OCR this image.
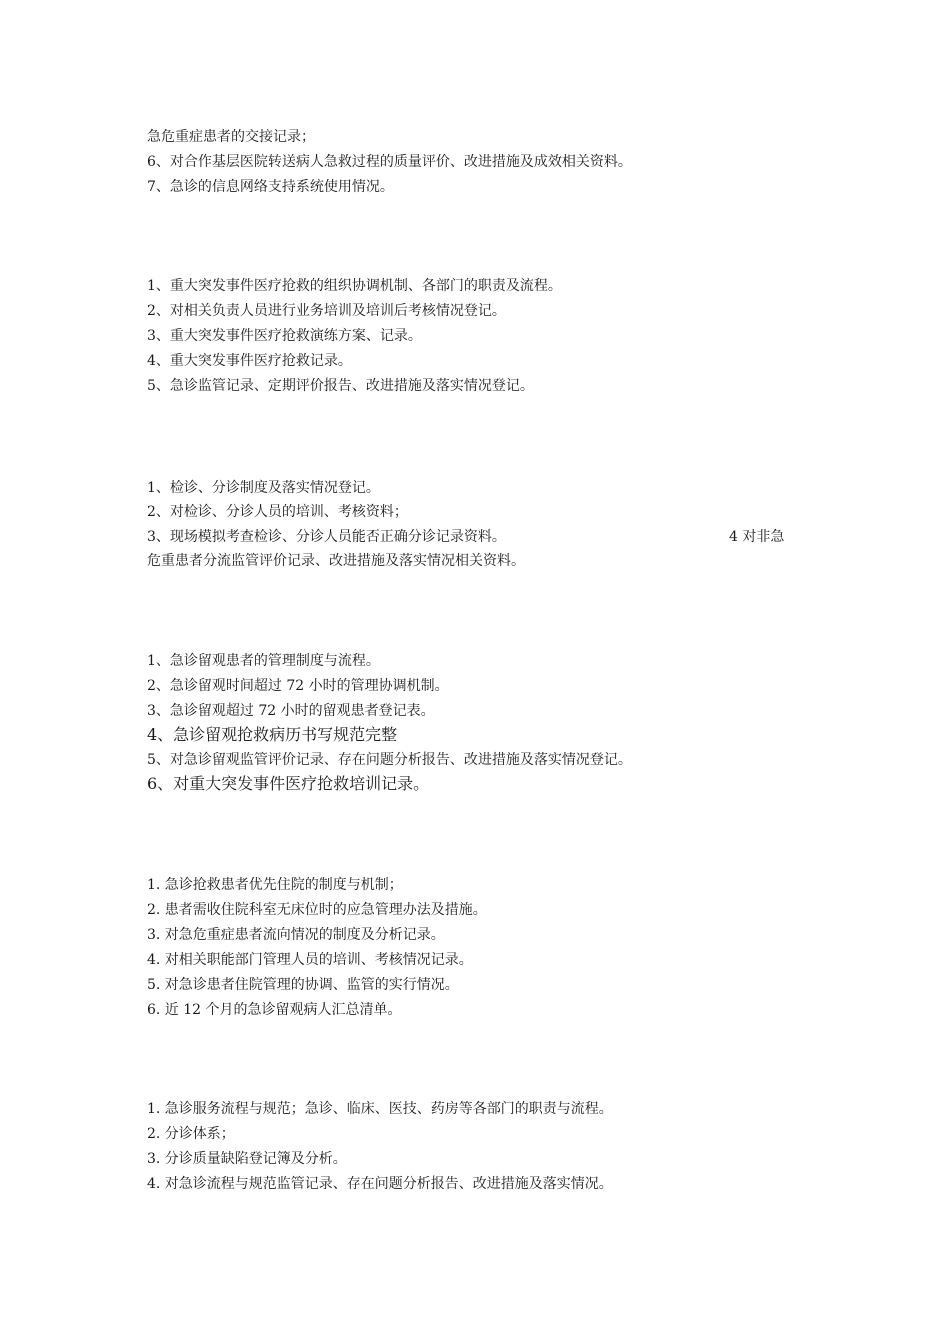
急危重症患者的交接记录；
6、对合作基层医院转送病人急救过程的质量评价、改进措施及成效相关资料。
7、急诊的信息网络支持系统使用情况。
1、重大突发事件医疗抢救的组织协调机制、各部门的职责及流程。
2、对相关负责人员进行业务培训及培训后考核情况登记。
3、重大突发事件医疗抢救演练方案、记录。
4、重大突发事件医疗抢救记录。
5、急诊监管记录、定期评价报告、改进措施及落实情况登记。
1、检诊、分诊制度及落实情况登记。
2、对检诊、分诊人员的培训、考核资料；
3、现场模拟考查检诊、分诊人员能否正确分诊记录资料。	4 对非急
危重患者分流监管评价记录、改进措施及落实情况相关资料。
1、急诊留观患者的管理制度与流程。
2、急诊留观时间超过 72 小时的管理协调机制。
3、急诊留观超过 72 小时的留观患者登记表。
4、急诊留观抢救病历书写规范完整
5、对急诊留观监管评价记录、存在问题分析报告、改进措施及落实情况登记。
6、对重大突发事件医疗抢救培训记录。
1. 急诊抢救患者优先住院的制度与机制；
2. 患者需收住院科室无床位时的应急管理办法及措施。
3. 对急危重症患者流向情况的制度及分析记录。
4. 对相关职能部门管理人员的培训、考核情况记录。
5. 对急诊患者住院管理的协调、监管的实行情况。
6. 近 12 个月的急诊留观病人汇总清单。
1. 急诊服务流程与规范；急诊、临床、医技、药房等各部门的职责与流程。
2. 分诊体系；
3. 分诊质量缺陷登记簿及分析。
4. 对急诊流程与规范监管记录、存在问题分析报告、改进措施及落实情况。
